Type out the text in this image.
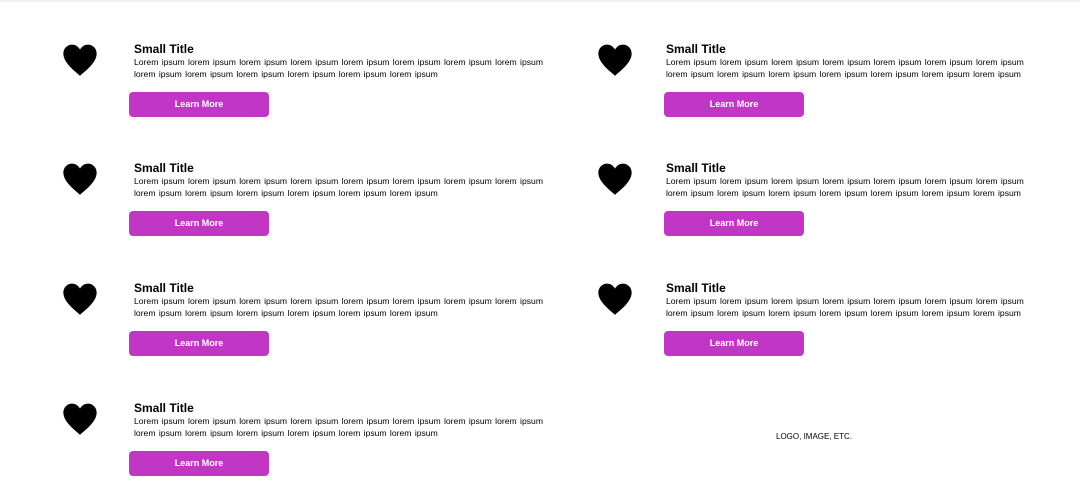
Small Title
Lorem ipsum lorem ipsum lorem ipsum lorem ipsum lorem ipsum lorem ipsum lorem ipsum lorem ipsum lorem ipsum lorem ipsum lorem ipsum lorem ipsum lorem ipsum lorem ipsum
Learn More
Small Title
Lorem ipsum lorem ipsum lorem ipsum lorem ipsum lorem ipsum lorem ipsum lorem ipsum lorem ipsum lorem ipsum lorem ipsum lorem ipsum lorem ipsum lorem ipsum lorem ipsum
Learn More
Small Title
Lorem ipsum lorem ipsum lorem ipsum lorem ipsum lorem ipsum lorem ipsum lorem ipsum lorem ipsum lorem ipsum lorem ipsum lorem ipsum lorem ipsum lorem ipsum lorem ipsum
Learn More
Small Title
Lorem ipsum lorem ipsum lorem ipsum lorem ipsum lorem ipsum lorem ipsum lorem ipsum lorem ipsum lorem ipsum lorem ipsum lorem ipsum lorem ipsum lorem ipsum lorem ipsum
Learn More
Small Title
Lorem ipsum lorem ipsum lorem ipsum lorem ipsum lorem ipsum lorem ipsum lorem ipsum lorem ipsum lorem ipsum lorem ipsum lorem ipsum lorem ipsum lorem ipsum lorem ipsum
Learn More
Small Title
Lorem ipsum lorem ipsum lorem ipsum lorem ipsum lorem ipsum lorem ipsum lorem ipsum lorem ipsum lorem ipsum lorem ipsum lorem ipsum lorem ipsum lorem ipsum lorem ipsum
Learn More
Small Title
Lorem ipsum lorem ipsum lorem ipsum lorem ipsum lorem ipsum lorem ipsum lorem ipsum lorem ipsum lorem ipsum lorem ipsum lorem ipsum lorem ipsum lorem ipsum lorem ipsum
Learn More
LOGO, IMAGE, ETC.
